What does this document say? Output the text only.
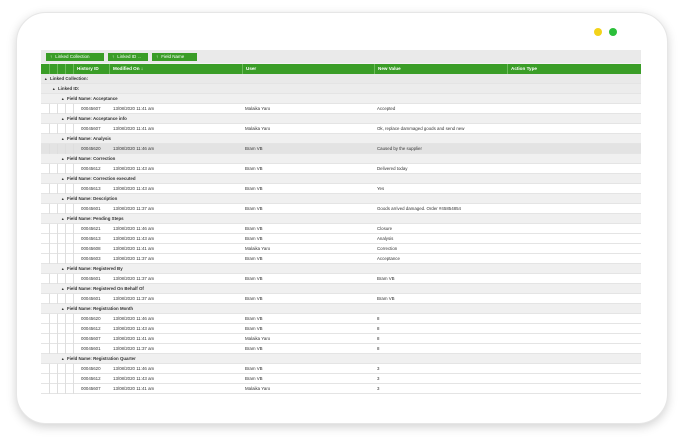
↑ Linked Collection	↑ Linked ID ..	↑ Field Name
History ID	Modified On ↓	User	New Value	Action Type
▲ Linked Collection:
▲ Linked ID:
▲ Field Name: Acceptance
00045607	13/08/2020 11:41 am	Malaika Yaro	Accepted
▲ Field Name: Acceptance info
00045607	13/08/2020 11:41 am	Malaika Yaro	Ok, replace dammaged goods and send new
▲ Field Name: Analysis
00045620	13/08/2020 11:46 am	Bram VB	Caused by the supplier
▲ Field Name: Correction
00045612	13/08/2020 11:43 am	Bram VB	Delivered today
▲ Field Name: Correction executed
00045613	13/08/2020 11:43 am	Bram VB	Yes
▲ Field Name: Description
00045601	13/08/2020 11:37 am	Bram VB	Goods arrived damaged. Order #45854854
▲ Field Name: Pending Steps
00045621	13/08/2020 11:46 am	Bram VB	Closure
00045613	13/08/2020 11:43 am	Bram VB	Analysis
00045608	13/08/2020 11:41 am	Malaika Yaro	Correction
00045603	13/08/2020 11:37 am	Bram VB	Acceptance
▲ Field Name: Registered By
00045601	13/08/2020 11:37 am	Bram VB	Bram VB
▲ Field Name: Registered On Behalf Of
00045601	13/08/2020 11:37 am	Bram VB	Bram VB
▲ Field Name: Registration Month
00045620	13/08/2020 11:46 am	Bram VB	8
00045612	13/08/2020 11:43 am	Bram VB	8
00045607	13/08/2020 11:41 am	Malaika Yaro	8
00045601	13/08/2020 11:37 am	Bram VB	8
▲ Field Name: Registration Quarter
00045620	13/08/2020 11:46 am	Bram VB	3
00045612	13/08/2020 11:43 am	Bram VB	3
00045607	13/08/2020 11:41 am	Malaika Yaro	3
